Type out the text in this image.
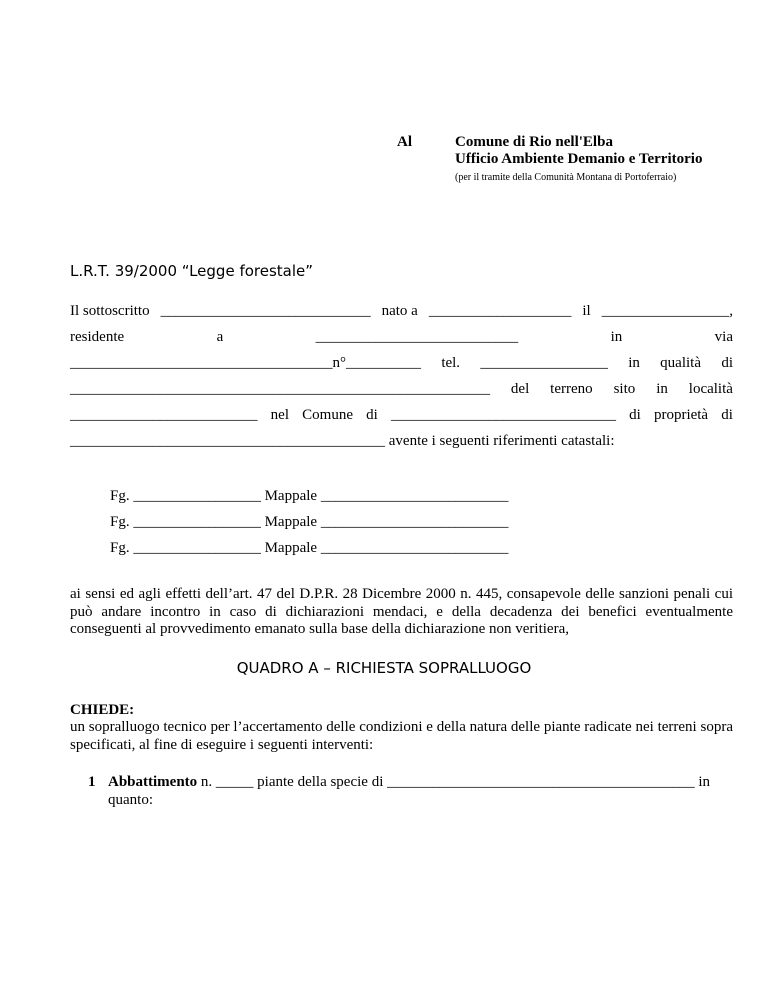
Al	Comune di Rio nell'Elba
Ufficio Ambiente Demanio e Territorio
(per il tramite della Comunità Montana di Portoferraio)
L.R.T. 39/2000 “Legge forestale”
Il sottoscritto ____________________________ nato a ___________________ il _________________,
residente	a	___________________________	in	via
___________________________________n°__________ tel. _________________ in qualità di
________________________________________________________ del terreno sito in località
_________________________ nel Comune di ______________________________ di proprietà di
__________________________________________ avente i seguenti riferimenti catastali:
Fg. _________________ Mappale _________________________
Fg. _________________ Mappale _________________________
Fg. _________________ Mappale _________________________
ai sensi ed agli effetti dell’art. 47 del D.P.R. 28 Dicembre 2000 n. 445, consapevole delle sanzioni penali cui può andare incontro in caso di dichiarazioni mendaci, e della decadenza dei benefici eventualmente conseguenti al provvedimento emanato sulla base della dichiarazione non veritiera,
QUADRO A – RICHIESTA SOPRALLUOGO
CHIEDE:
un sopralluogo tecnico per l’accertamento delle condizioni e della natura delle piante radicate nei terreni sopra specificati, al fine di eseguire i seguenti interventi:
1 Abbattimento n. _____ piante della specie di _________________________________________ in
quanto:
